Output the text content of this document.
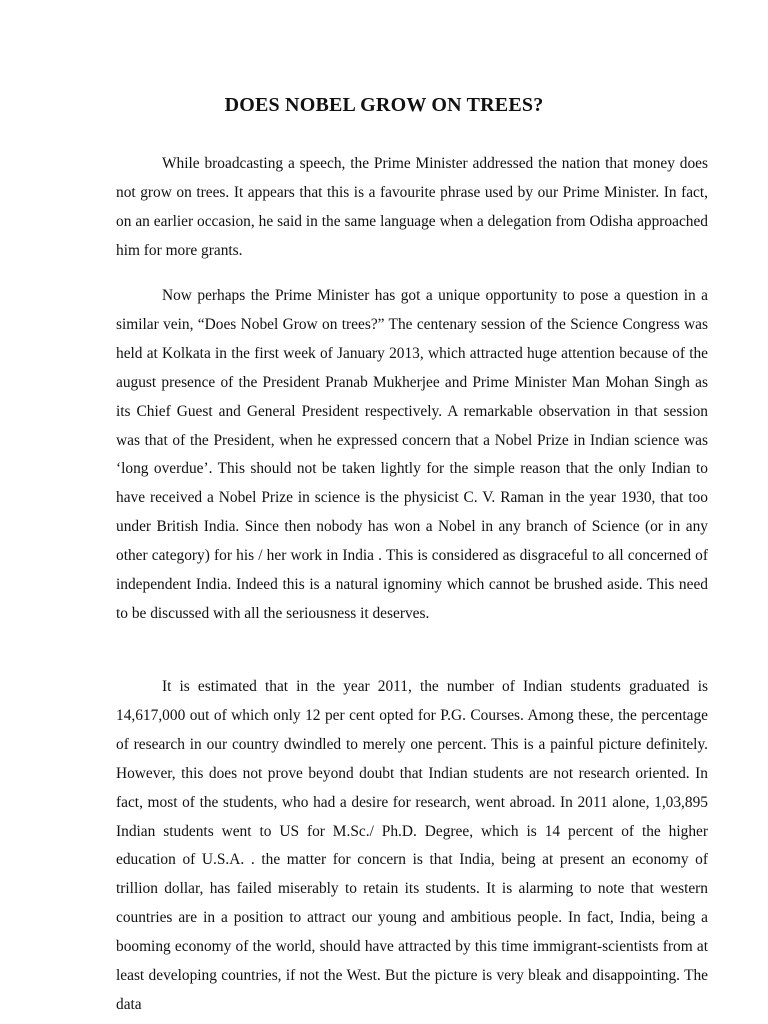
DOES NOBEL GROW ON TREES?

While broadcasting a speech, the Prime Minister addressed the nation that money does not grow on trees. It appears that this is a favourite phrase used by our Prime Minister. In fact, on an earlier occasion, he said in the same language when a delegation from Odisha approached him for more grants.

Now perhaps the Prime Minister has got a unique opportunity to pose a question in a similar vein, “Does Nobel Grow on trees?” The centenary session of the Science Congress was held at Kolkata in the first week of January 2013, which attracted huge attention because of the august presence of the President Pranab Mukherjee and Prime Minister Man Mohan Singh as its Chief Guest and General President respectively. A remarkable observation in that session was that of the President, when he expressed concern that a Nobel Prize in Indian science was ‘long overdue’. This should not be taken lightly for the simple reason that the only Indian to have received a Nobel Prize in science is the physicist C. V. Raman in the year 1930, that too under British India. Since then nobody has won a Nobel in any branch of Science (or in any other category) for his / her work in India . This is considered as disgraceful to all concerned of independent India. Indeed this is a natural ignominy which cannot be brushed aside. This need to be discussed with all the seriousness it deserves.

It is estimated that in the year 2011, the number of Indian students graduated is 14,617,000 out of which only 12 per cent opted for P.G. Courses. Among these, the percentage of research in our country dwindled to merely one percent. This is a painful picture definitely. However, this does not prove beyond doubt that Indian students are not research oriented. In fact, most of the students, who had a desire for research, went abroad. In 2011 alone, 1,03,895 Indian students went to US for M.Sc./ Ph.D. Degree, which is 14 percent of the higher education of U.S.A. . the matter for concern is that India, being at present an economy of trillion dollar, has failed miserably to retain its students. It is alarming to note that western countries are in a position to attract our young and ambitious people. In fact, India, being a booming economy of the world, should have attracted by this time immigrant-scientists from at least developing countries, if not the West. But the picture is very bleak and disappointing. The data
